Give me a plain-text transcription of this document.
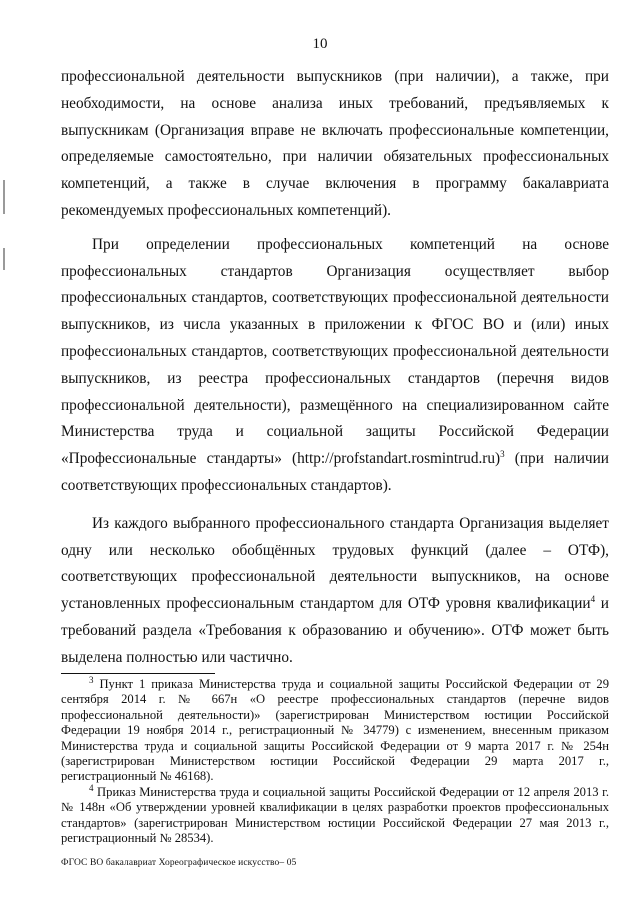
10

профессиональной деятельности выпускников (при наличии), а также, при необходимости, на основе анализа иных требований, предъявляемых к выпускникам (Организация вправе не включать профессиональные компетенции, определяемые самостоятельно, при наличии обязательных профессиональных компетенций, а также в случае включения в программу бакалавриата рекомендуемых профессиональных компетенций).

При определении профессиональных компетенций на основе профессиональных стандартов Организация осуществляет выбор профессиональных стандартов, соответствующих профессиональной деятельности выпускников, из числа указанных в приложении к ФГОС ВО и (или) иных профессиональных стандартов, соответствующих профессиональной деятельности выпускников, из реестра профессиональных стандартов (перечня видов профессиональной деятельности), размещённого на специализированном сайте Министерства труда и социальной защиты Российской Федерации «Профессиональные стандарты» (http://profstandart.rosmintrud.ru)$^3$ (при наличии соответствующих профессиональных стандартов).

Из каждого выбранного профессионального стандарта Организация выделяет одну или несколько обобщённых трудовых функций (далее – ОТФ), соответствующих профессиональной деятельности выпускников, на основе установленных профессиональным стандартом для ОТФ уровня квалификации$^4$ и требований раздела «Требования к образованию и обучению». ОТФ может быть выделена полностью или частично.

$^3$ Пункт 1 приказа Министерства труда и социальной защиты Российской Федерации от 29 сентября 2014 г. № 667н «О реестре профессиональных стандартов (перечне видов профессиональной деятельности)» (зарегистрирован Министерством юстиции Российской Федерации 19 ноября 2014 г., регистрационный № 34779) с изменением, внесенным приказом Министерства труда и социальной защиты Российской Федерации от 9 марта 2017 г. № 254н (зарегистрирован Министерством юстиции Российской Федерации 29 марта 2017 г., регистрационный № 46168).

$^4$ Приказ Министерства труда и социальной защиты Российской Федерации от 12 апреля 2013 г. № 148н «Об утверждении уровней квалификации в целях разработки проектов профессиональных стандартов» (зарегистрирован Министерством юстиции Российской Федерации 27 мая 2013 г., регистрационный № 28534).

ФГОС ВО бакалавриат Хореографическое искусство– 05
